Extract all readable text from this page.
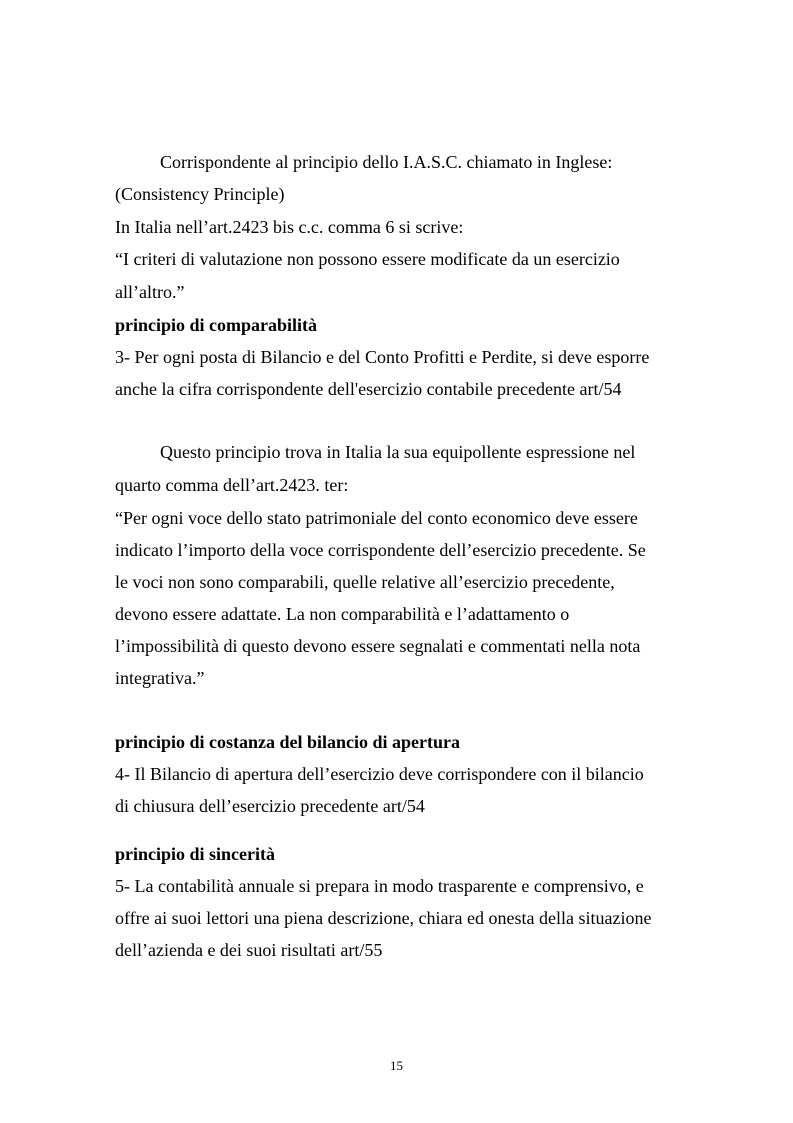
Corrispondente al principio dello I.A.S.C. chiamato in Inglese:
(Consistency Principle)
In Italia nell’art.2423 bis c.c. comma 6 si scrive:
“I criteri di valutazione non possono essere modificate da un esercizio
all’altro.”
principio di comparabilità
3- Per ogni posta di Bilancio e del Conto Profitti e Perdite, si deve esporre
anche la cifra corrispondente dell'esercizio contabile precedente art/54
Questo principio trova in Italia la sua equipollente espressione nel
quarto comma dell’art.2423. ter:
“Per ogni voce dello stato patrimoniale del conto economico deve essere
indicato l’importo della voce corrispondente dell’esercizio precedente. Se
le voci non sono comparabili, quelle relative all’esercizio precedente,
devono essere adattate. La non comparabilità e l’adattamento o
l’impossibilità di questo devono essere segnalati e commentati nella nota
integrativa.”
principio di costanza del bilancio di apertura
4- Il Bilancio di apertura dell’esercizio deve corrispondere con il bilancio
di chiusura dell’esercizio precedente art/54
principio di sincerità
5- La contabilità annuale si prepara in modo trasparente e comprensivo, e
offre ai suoi lettori una piena descrizione, chiara ed onesta della situazione
dell’azienda e dei suoi risultati art/55
15
